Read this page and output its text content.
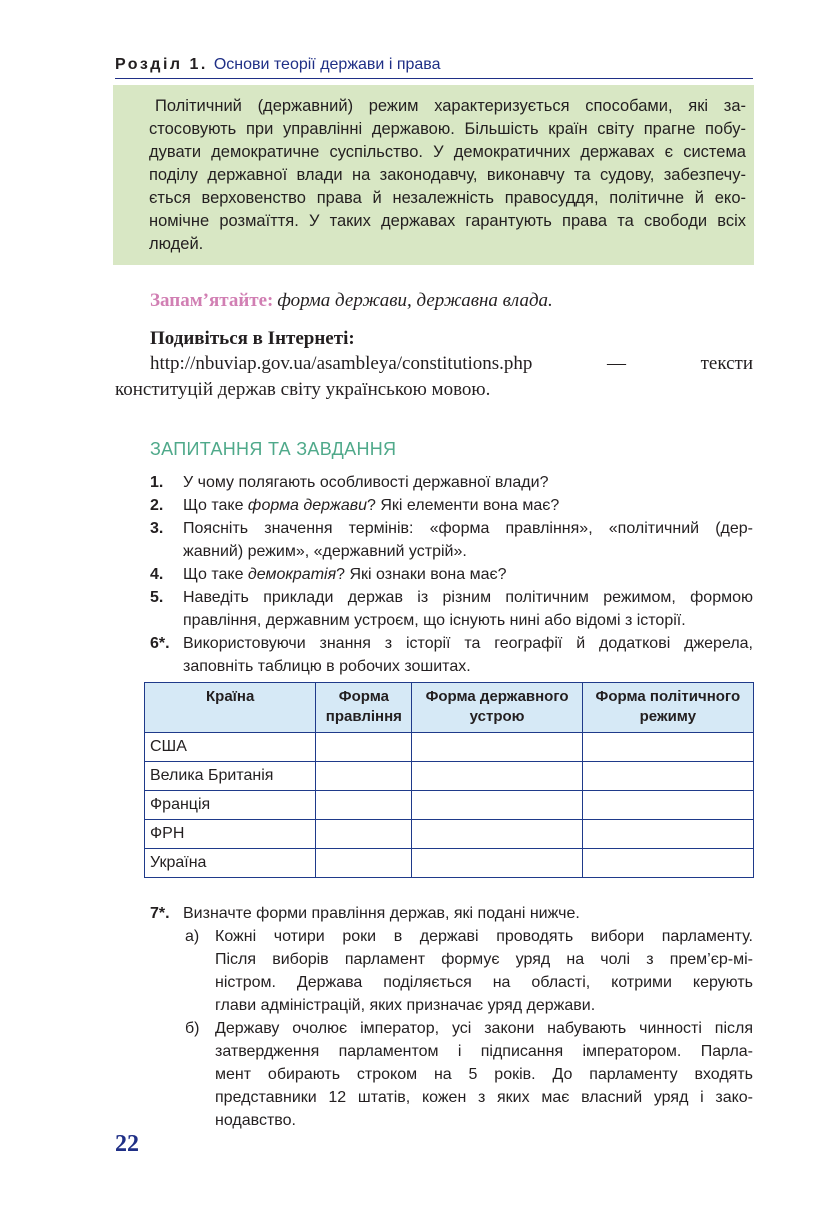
Розділ 1. Основи теорії держави і права
Політичний (державний) режим характеризується способами, які за-
стосовують при управлінні державою. Більшість країн світу прагне побу-
дувати демократичне суспільство. У демократичних державах є система
поділу державної влади на законодавчу, виконавчу та судову, забезпечу-
ється верховенство права й незалежність правосуддя, політичне й еко-
номічне розмаїття. У таких державах гарантують права та свободи всіх
людей.
Запам’ятайте: форма держави, державна влада.
Подивіться в Інтернеті:
http://nbuviap.gov.ua/asambleya/constitutions.php — тексти
конституцій держав світу українською мовою.
ЗАПИТАННЯ ТА ЗАВДАННЯ
1. У чому полягають особливості державної влади?
2. Що таке форма держави? Які елементи вона має?
3. Поясніть значення термінів: «форма правління», «політичний (дер-
жавний) режим», «державний устрій».
4. Що таке демократія? Які ознаки вона має?
5. Наведіть приклади держав із різним політичним режимом, формою
правління, державним устроєм, що існують нині або відомі з історії.
6*. Використовуючи знання з історії та географії й додаткові джерела,
заповніть таблицю в робочих зошитах.
Країна	Форма правління	Форма державного устрою	Форма політичного режиму
США			
Велика Британія			
Франція			
ФРН			
Україна			
7*. Визначте форми правління держав, які подані нижче.
а) Кожні чотири роки в державі проводять вибори парламенту.
Після виборів парламент формує уряд на чолі з прем’єр-мі-
ністром. Держава поділяється на області, котрими керують
глави адміністрацій, яких призначає уряд держави.
б) Державу очолює імператор, усі закони набувають чинності після
затвердження парламентом і підписання імператором. Парла-
мент обирають строком на 5 років. До парламенту входять
представники 12 штатів, кожен з яких має власний уряд і зако-
нодавство.
22
